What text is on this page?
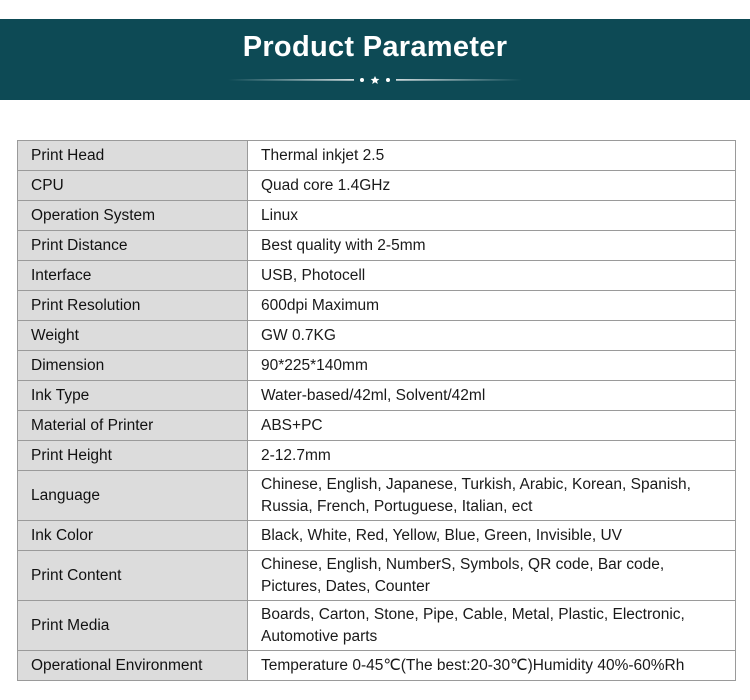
Product Parameter
Print Head	Thermal inkjet 2.5
CPU	Quad core 1.4GHz
Operation System	Linux
Print Distance	Best quality with 2-5mm
Interface	USB, Photocell
Print Resolution	600dpi Maximum
Weight	GW 0.7KG
Dimension	90*225*140mm
Ink Type	Water-based/42ml, Solvent/42ml
Material of Printer	ABS+PC
Print Height	2-12.7mm
Language	Chinese, English, Japanese, Turkish, Arabic, Korean, Spanish, Russia, French, Portuguese, Italian, ect
Ink Color	Black, White, Red, Yellow, Blue, Green, Invisible, UV
Print Content	Chinese, English, NumberS, Symbols, QR code, Bar code, Pictures, Dates, Counter
Print Media	Boards, Carton, Stone, Pipe, Cable, Metal, Plastic, Electronic, Automotive parts
Operational Environment	Temperature 0-45℃(The best:20-30℃)Humidity 40%-60%Rh
